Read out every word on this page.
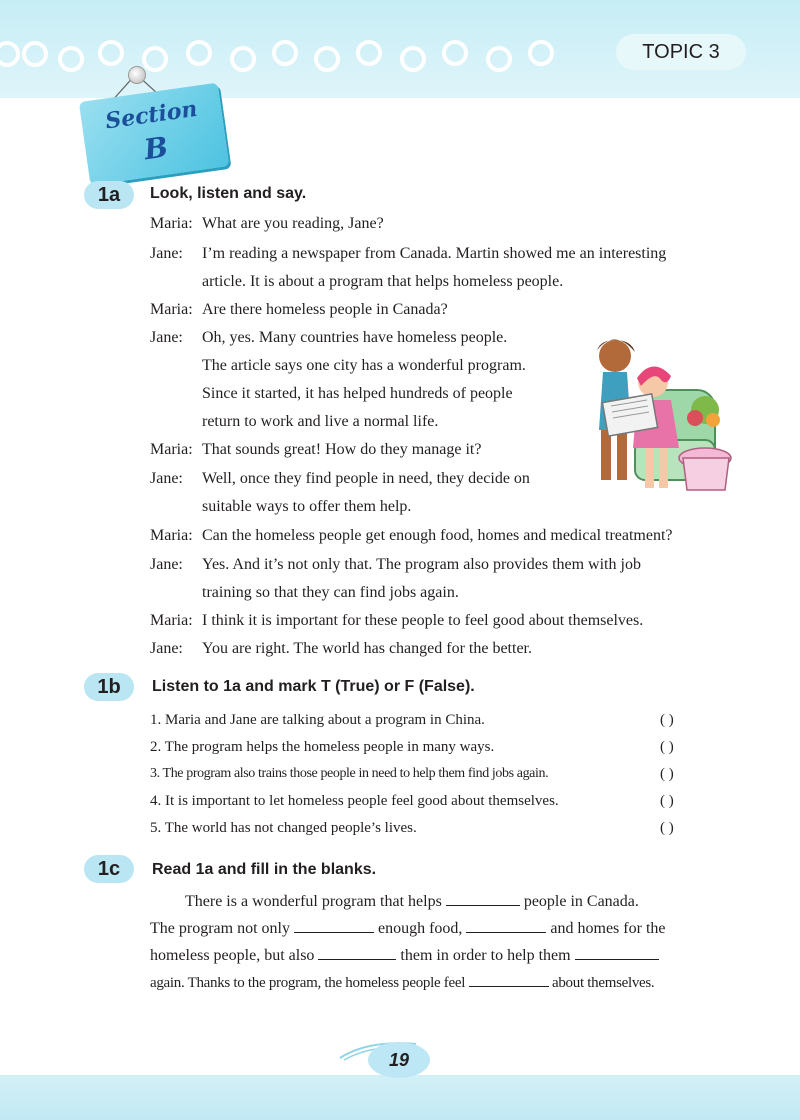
TOPIC 3
Section
B
1a	Look, listen and say.
Maria: What are you reading, Jane?
Jane: I’m reading a newspaper from Canada. Martin showed me an interesting
article. It is about a program that helps homeless people.
Maria: Are there homeless people in Canada?
Jane: Oh, yes. Many countries have homeless people.
The article says one city has a wonderful program.
Since it started, it has helped hundreds of people
return to work and live a normal life.
Maria: That sounds great! How do they manage it?
Jane: Well, once they find people in need, they decide on
suitable ways to offer them help.
Maria: Can the homeless people get enough food, homes and medical treatment?
Jane: Yes. And it’s not only that. The program also provides them with job
training so that they can find jobs again.
Maria: I think it is important for these people to feel good about themselves.
Jane: You are right. The world has changed for the better.
1b	Listen to 1a and mark T (True) or F (False).
1. Maria and Jane are talking about a program in China.	( )
2. The program helps the homeless people in many ways.	( )
3. The program also trains those people in need to help them find jobs again.	( )
4. It is important to let homeless people feel good about themselves.	( )
5. The world has not changed people’s lives.	( )
1c	Read 1a and fill in the blanks.
There is a wonderful program that helps	people in Canada.
The program not only	enough food,	and homes for the
homeless people, but also	them in order to help them
again. Thanks to the program, the homeless people feel	about themselves.
19
